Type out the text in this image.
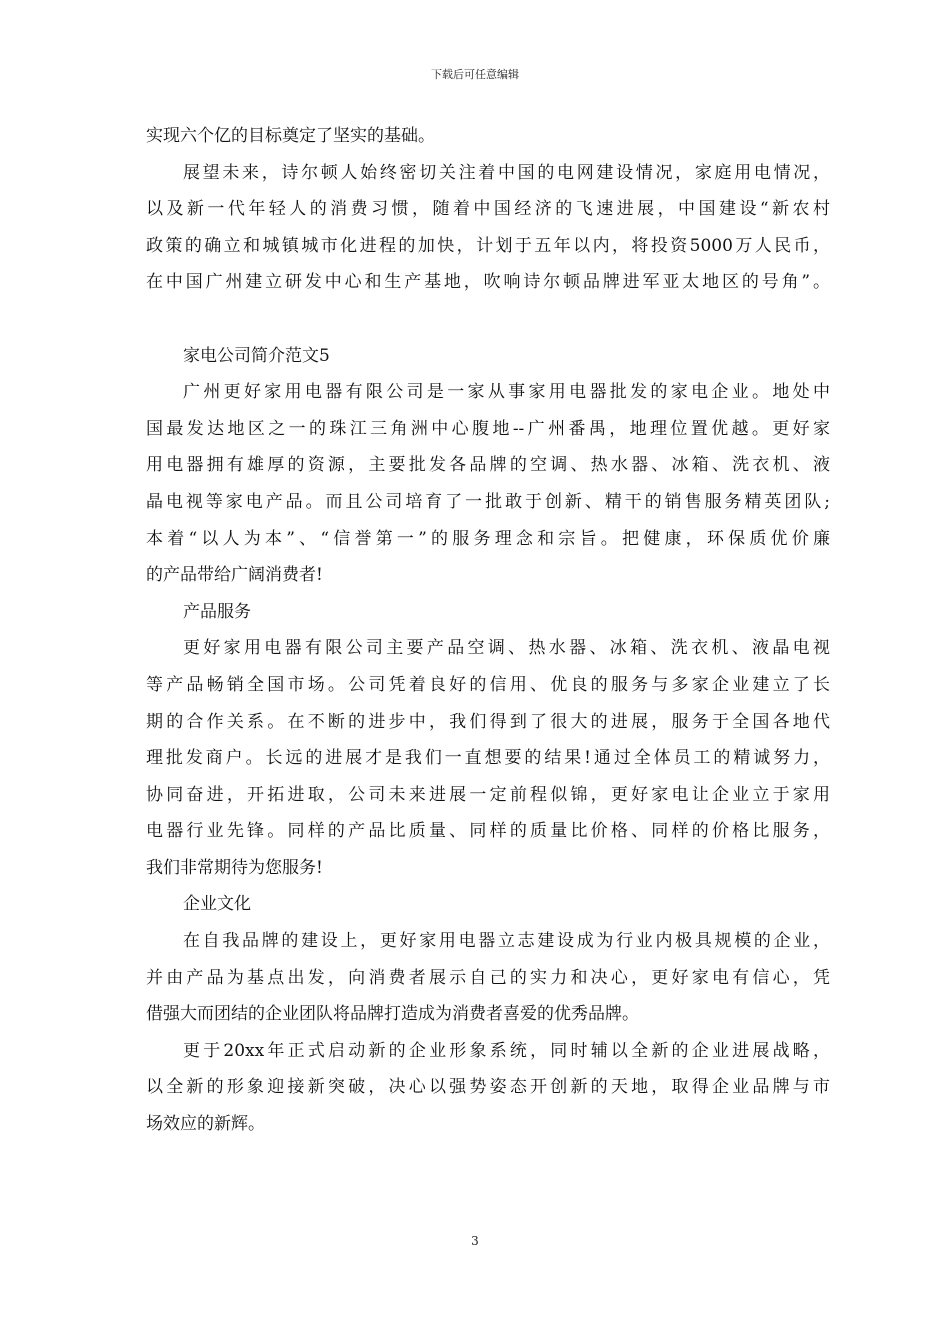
下载后可任意编辑
实现六个亿的目标奠定了坚实的基础。
展望未来，诗尔顿人始终密切关注着中国的电网建设情况，家庭用电情况，
以及新一代年轻人的消费习惯，随着中国经济的飞速进展，中国建设“新农村
政策的确立和城镇城市化进程的加快，计划于五年以内，将投资5000万人民币，
在中国广州建立研发中心和生产基地，吹响诗尔顿品牌进军亚太地区的号角”。
家电公司简介范文5
广州更好家用电器有限公司是一家从事家用电器批发的家电企业。地处中
国最发达地区之一的珠江三角洲中心腹地--广州番禺，地理位置优越。更好家
用电器拥有雄厚的资源，主要批发各品牌的空调、热水器、冰箱、洗衣机、液
晶电视等家电产品。而且公司培育了一批敢于创新、精干的销售服务精英团队;
本着“以人为本”、“信誉第一”的服务理念和宗旨。把健康，环保质优价廉
的产品带给广阔消费者!
产品服务
更好家用电器有限公司主要产品空调、热水器、冰箱、洗衣机、液晶电视
等产品畅销全国市场。公司凭着良好的信用、优良的服务与多家企业建立了长
期的合作关系。在不断的进步中，我们得到了很大的进展，服务于全国各地代
理批发商户。长远的进展才是我们一直想要的结果!通过全体员工的精诚努力，
协同奋进，开拓进取，公司未来进展一定前程似锦，更好家电让企业立于家用
电器行业先锋。同样的产品比质量、同样的质量比价格、同样的价格比服务，
我们非常期待为您服务!
企业文化
在自我品牌的建设上，更好家用电器立志建设成为行业内极具规模的企业，
并由产品为基点出发，向消费者展示自己的实力和决心，更好家电有信心，凭
借强大而团结的企业团队将品牌打造成为消费者喜爱的优秀品牌。
更于20xx年正式启动新的企业形象系统，同时辅以全新的企业进展战略，
以全新的形象迎接新突破，决心以强势姿态开创新的天地，取得企业品牌与市
场效应的新辉。
3
